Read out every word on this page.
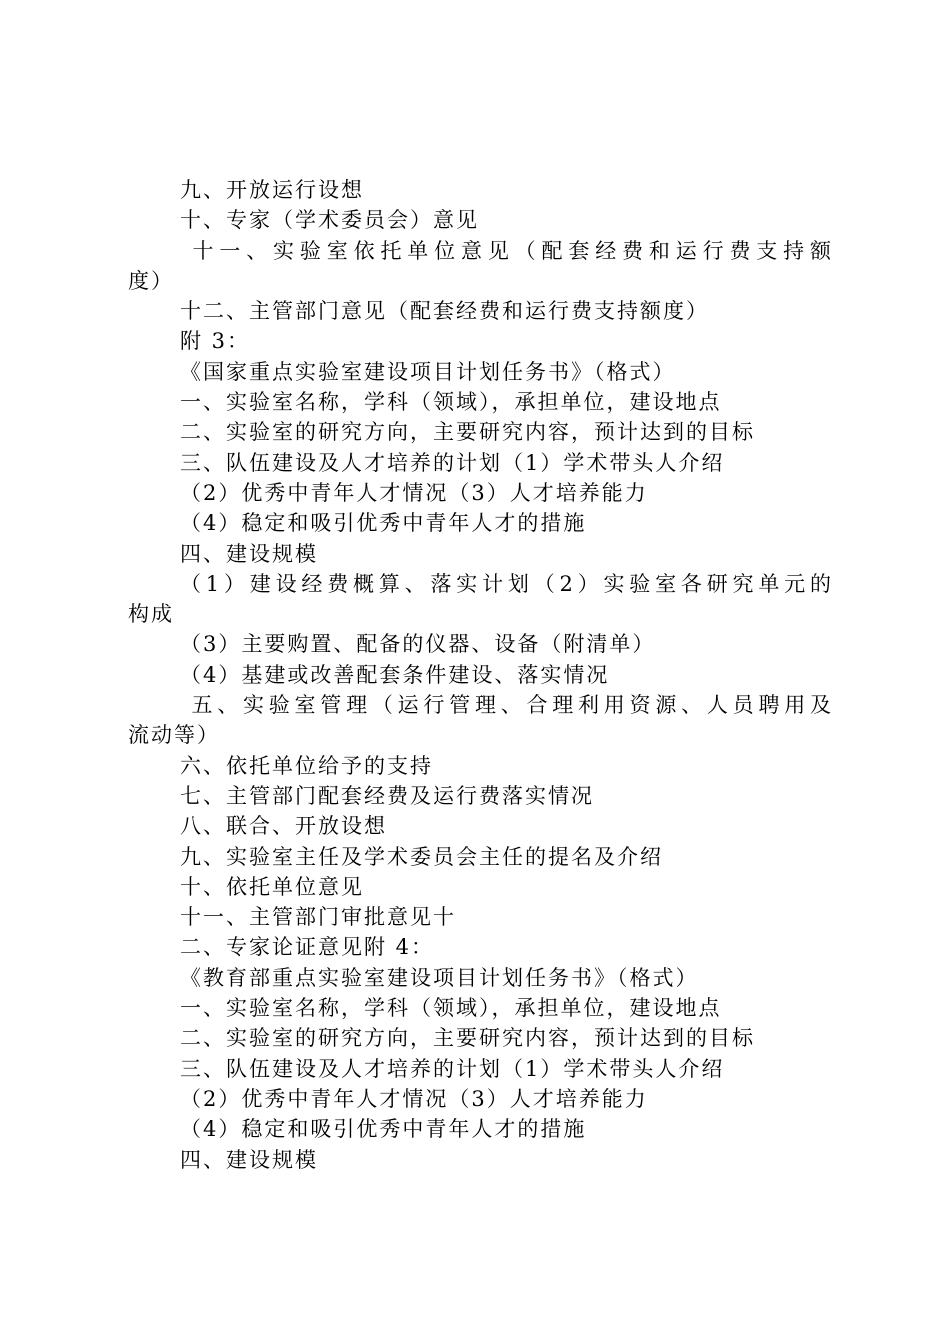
九、开放运行设想
十、专家（学术委员会）意见
十一、实验室依托单位意见（配套经费和运行费支持额
度）
十二、主管部门意见（配套经费和运行费支持额度）
附 3：
《国家重点实验室建设项目计划任务书》（格式）
一、实验室名称，学科（领域），承担单位，建设地点
二、实验室的研究方向，主要研究内容，预计达到的目标
三、队伍建设及人才培养的计划（1）学术带头人介绍
（2）优秀中青年人才情况（3）人才培养能力
（4）稳定和吸引优秀中青年人才的措施
四、建设规模
（1）建设经费概算、落实计划（2）实验室各研究单元的
构成
（3）主要购置、配备的仪器、设备（附清单）
（4）基建或改善配套条件建设、落实情况
五、实验室管理（运行管理、合理利用资源、人员聘用及
流动等）
六、依托单位给予的支持
七、主管部门配套经费及运行费落实情况
八、联合、开放设想
九、实验室主任及学术委员会主任的提名及介绍
十、依托单位意见
十一、主管部门审批意见十
二、专家论证意见附 4：
《教育部重点实验室建设项目计划任务书》（格式）
一、实验室名称，学科（领域），承担单位，建设地点
二、实验室的研究方向，主要研究内容，预计达到的目标
三、队伍建设及人才培养的计划（1）学术带头人介绍
（2）优秀中青年人才情况（3）人才培养能力
（4）稳定和吸引优秀中青年人才的措施
四、建设规模
